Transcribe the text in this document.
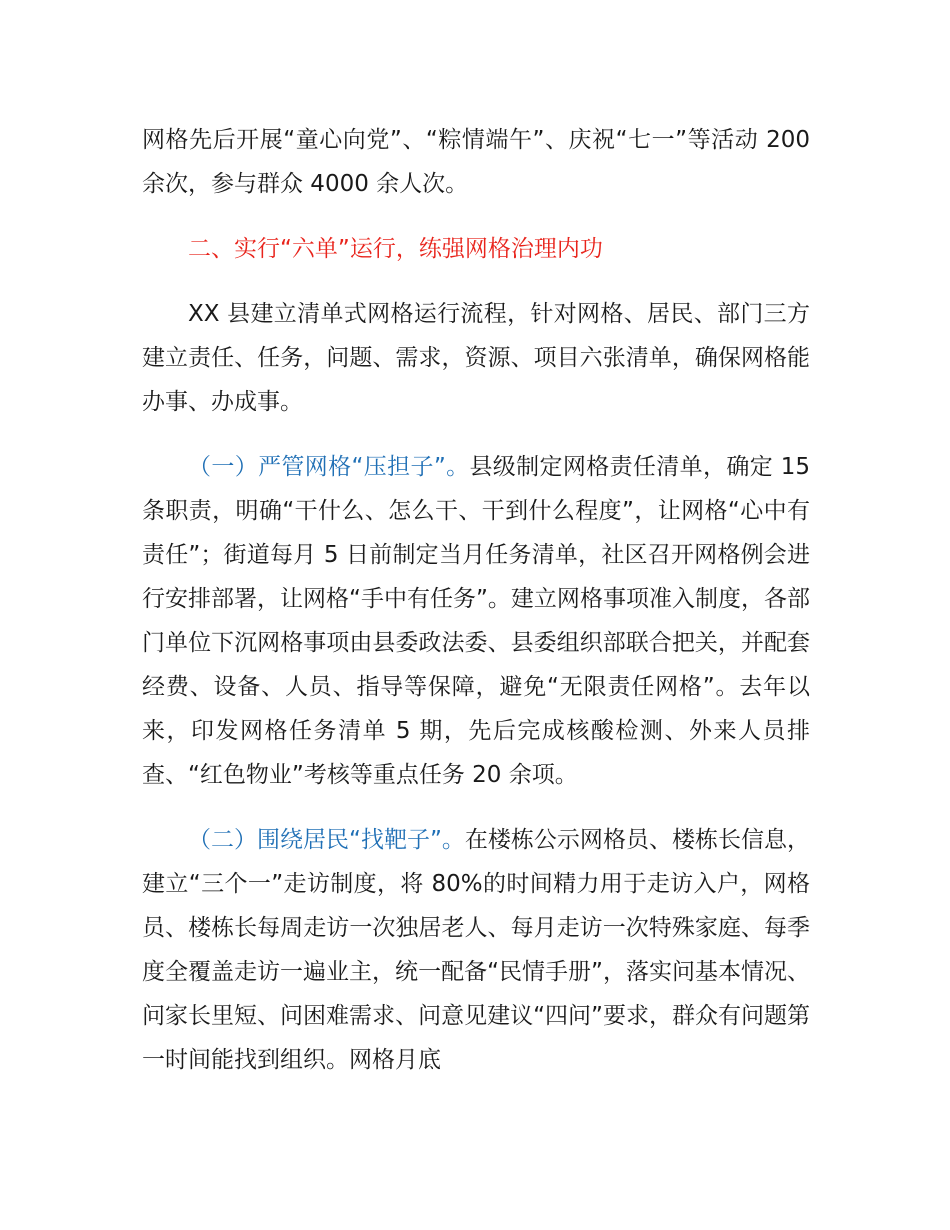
网格先后开展“童心向党”、“粽情端午”、庆祝“七一”等活动 200 余次，参与群众 4000 余人次。

二、实行“六单”运行，练强网格治理内功

XX 县建立清单式网格运行流程，针对网格、居民、部门三方建立责任、任务，问题、需求，资源、项目六张清单，确保网格能办事、办成事。

（一）严管网格“压担子”。县级制定网格责任清单，确定 15 条职责，明确“干什么、怎么干、干到什么程度”，让网格“心中有责任”；街道每月 5 日前制定当月任务清单，社区召开网格例会进行安排部署，让网格“手中有任务”。建立网格事项准入制度，各部门单位下沉网格事项由县委政法委、县委组织部联合把关，并配套经费、设备、人员、指导等保障，避免“无限责任网格”。去年以来，印发网格任务清单 5 期，先后完成核酸检测、外来人员排查、“红色物业”考核等重点任务 20 余项。

（二）围绕居民“找靶子”。在楼栋公示网格员、楼栋长信息，建立“三个一”走访制度，将 80%的时间精力用于走访入户，网格员、楼栋长每周走访一次独居老人、每月走访一次特殊家庭、每季度全覆盖走访一遍业主，统一配备“民情手册”，落实问基本情况、问家长里短、问困难需求、问意见建议“四问”要求，群众有问题第一时间能找到组织。网格月底
